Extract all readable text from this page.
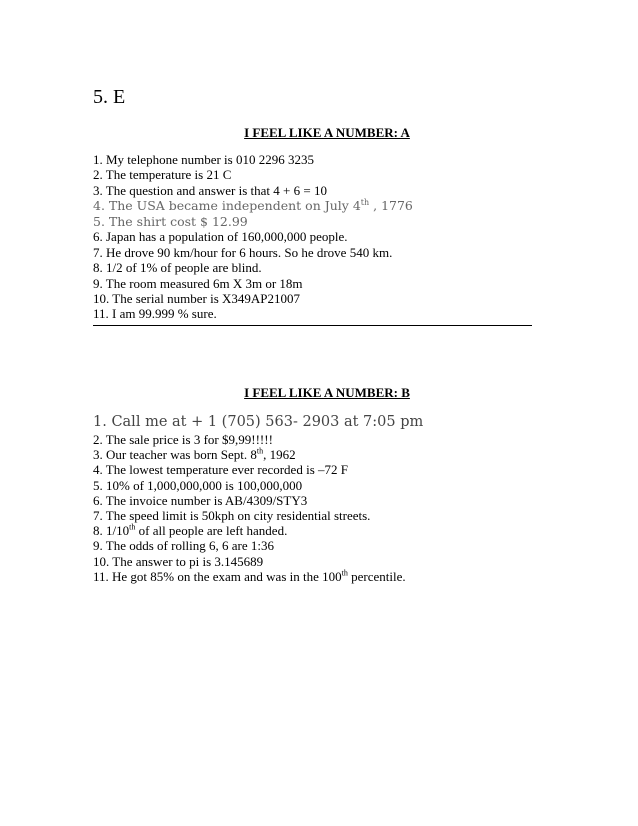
5. E
I FEEL LIKE A NUMBER: A
1. My telephone number is 010 2296 3235
2. The temperature is 21 C
3. The question and answer is that 4 + 6 = 10
4. The USA became independent on July 4th , 1776
5. The shirt cost $ 12.99
6. Japan has a population of 160,000,000 people.
7. He drove 90 km/hour for 6 hours. So he drove 540 km.
8. 1/2 of 1% of people are blind.
9. The room measured 6m X 3m or 18m
10. The serial number is X349AP21007
11. I am 99.999 % sure.
I FEEL LIKE A NUMBER: B
1. Call me at + 1 (705) 563- 2903 at 7:05 pm
2. The sale price is 3 for $9,99!!!!!
3. Our teacher was born Sept. 8th, 1962
4. The lowest temperature ever recorded is –72 F
5. 10% of 1,000,000,000 is 100,000,000
6. The invoice number is AB/4309/STY3
7. The speed limit is 50kph on city residential streets.
8. 1/10th of all people are left handed.
9. The odds of rolling 6, 6 are 1:36
10. The answer to pi is 3.145689
11. He got 85% on the exam and was in the 100th percentile.
